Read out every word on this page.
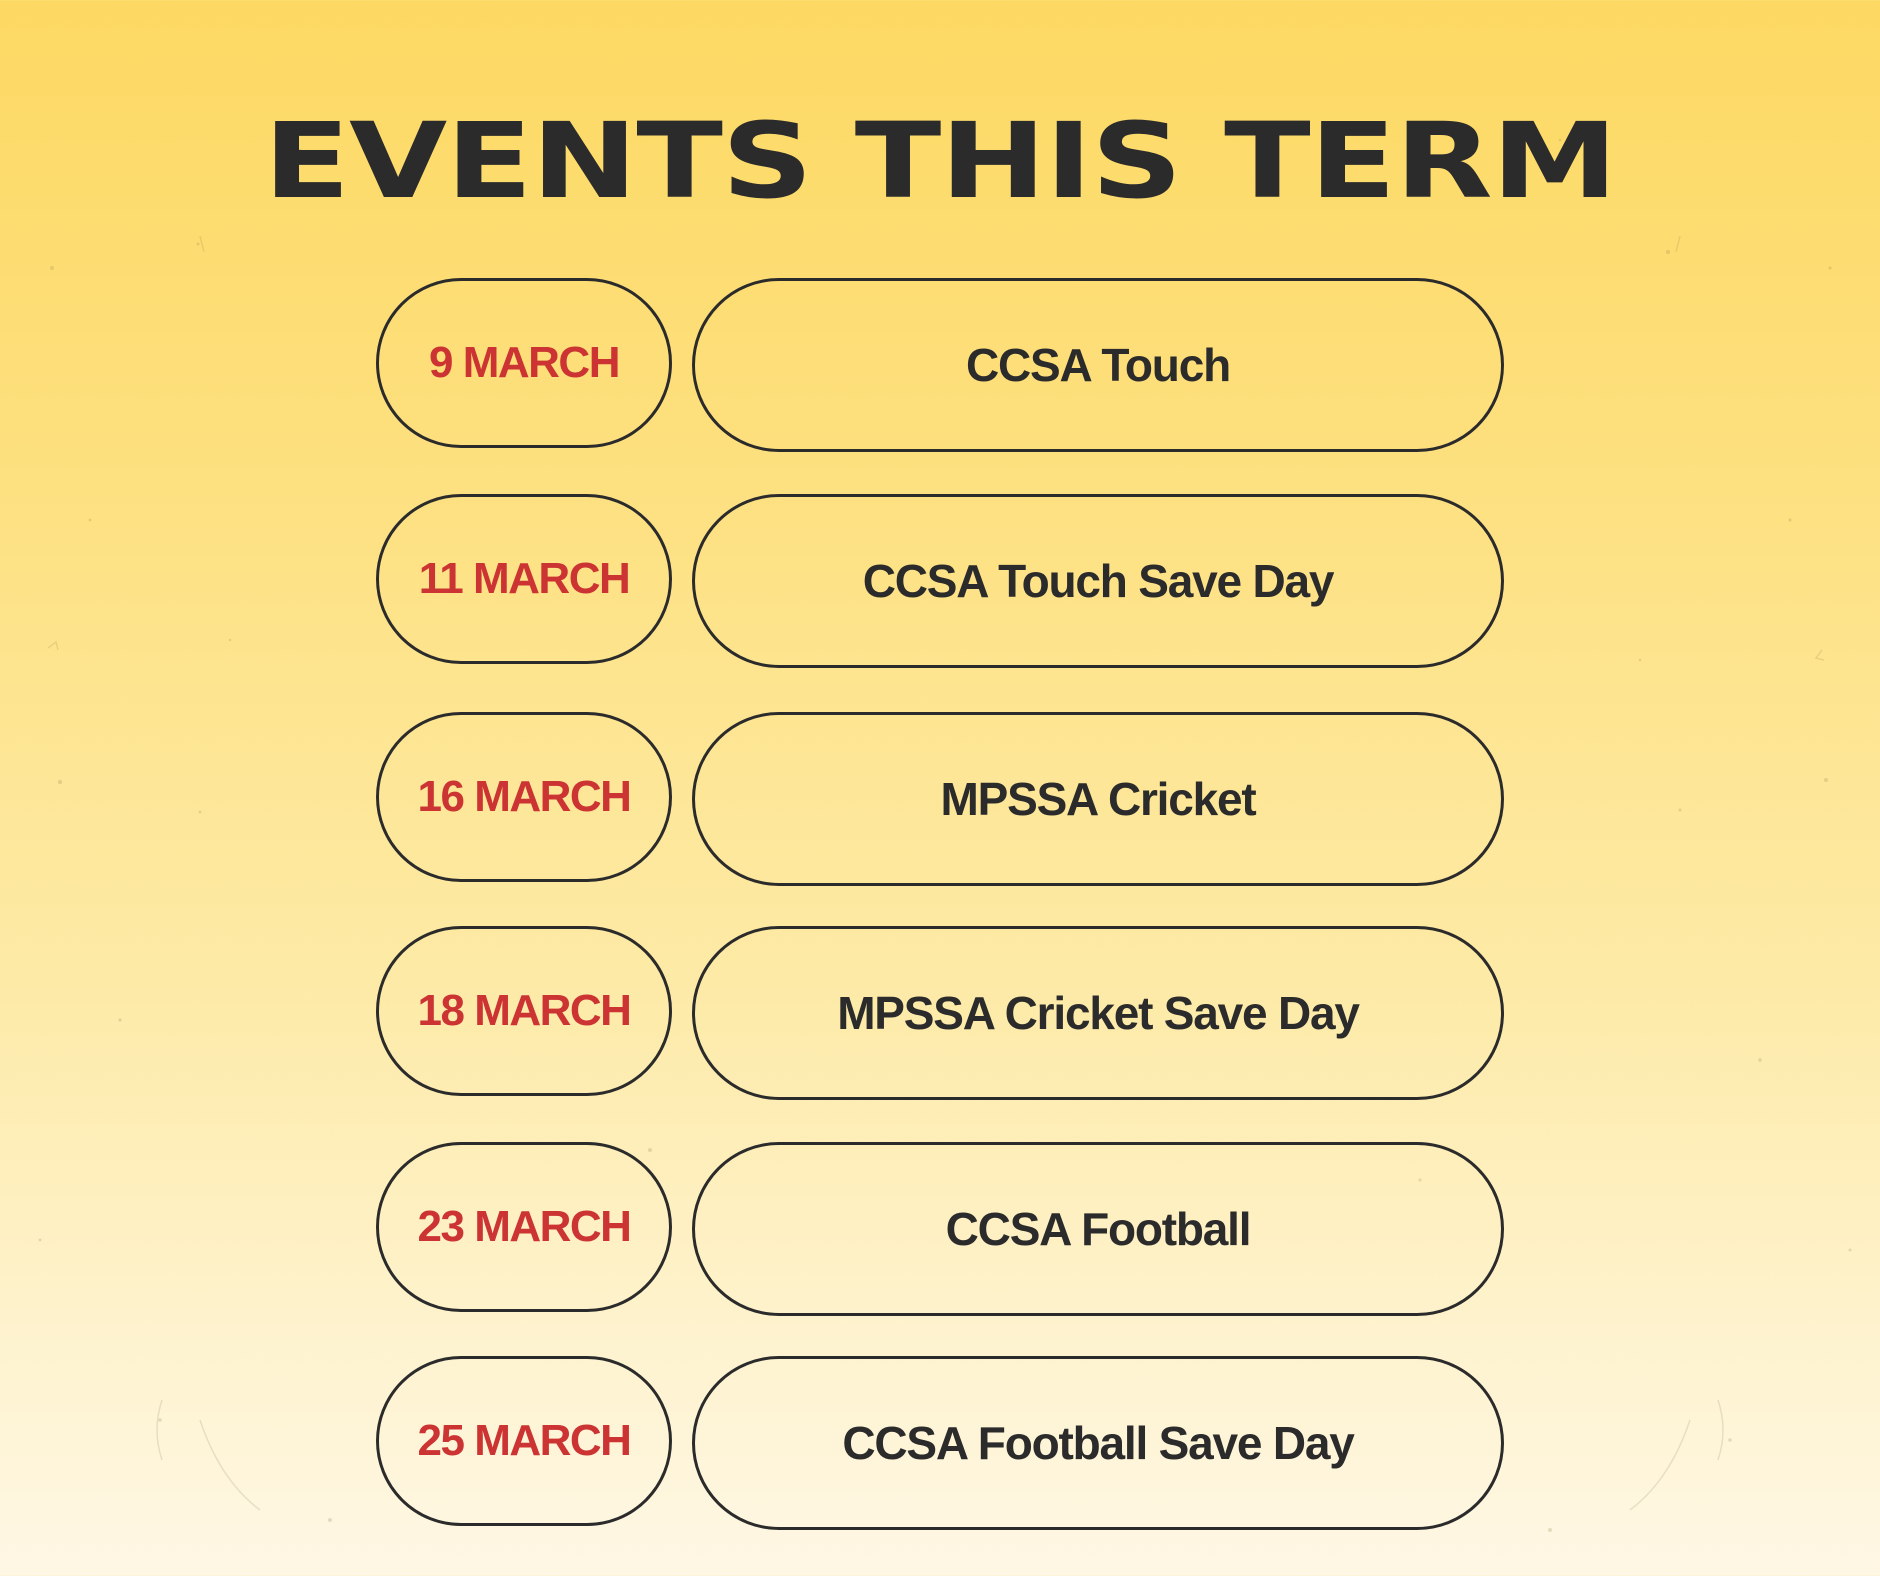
EVENTS THIS TERM
9 MARCH	CCSA Touch
11 MARCH	CCSA Touch Save Day
16 MARCH	MPSSA Cricket
18 MARCH	MPSSA Cricket Save Day
23 MARCH	CCSA Football
25 MARCH	CCSA Football Save Day
